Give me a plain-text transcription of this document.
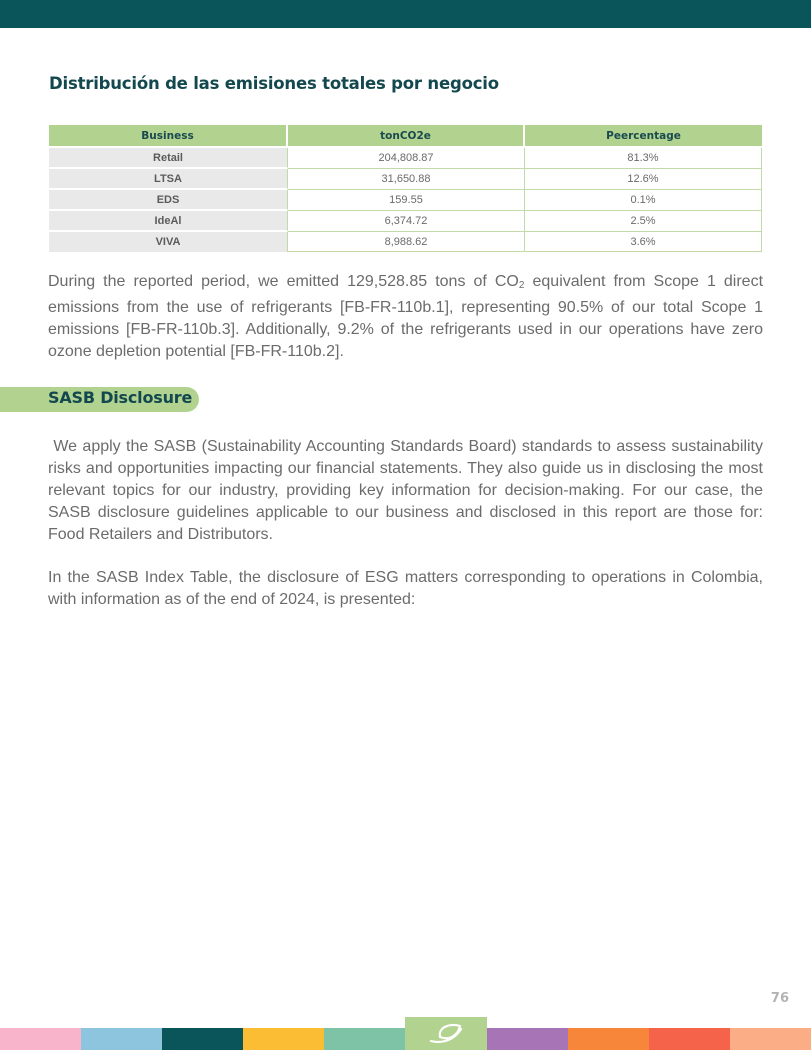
Distribución de las emisiones totales por negocio
Business	tonCO2e	Peercentage
Retail	204,808.87	81.3%
LTSA	31,650.88	12.6%
EDS	159.55	0.1%
IdeAl	6,374.72	2.5%
VIVA	8,988.62	3.6%

During the reported period, we emitted 129,528.85 tons of $CO_2$ equivalent from Scope 1 direct emissions from the use of refrigerants [FB-FR-110b.1], representing 90.5% of our total Scope 1 emissions [FB-FR-110b.3]. Additionally, 9.2% of the refrigerants used in our operations have zero ozone depletion potential [FB-FR-110b.2].

SASB Disclosure

We apply the SASB (Sustainability Accounting Standards Board) standards to assess sustainability risks and opportunities impacting our financial statements. They also guide us in disclosing the most relevant topics for our industry, providing key information for decision-making. For our case, the SASB disclosure guidelines applicable to our business and disclosed in this report are those for: Food Retailers and Distributors.

In the SASB Index Table, the disclosure of ESG matters corresponding to operations in Colombia, with information as of the end of 2024, is presented:

76
